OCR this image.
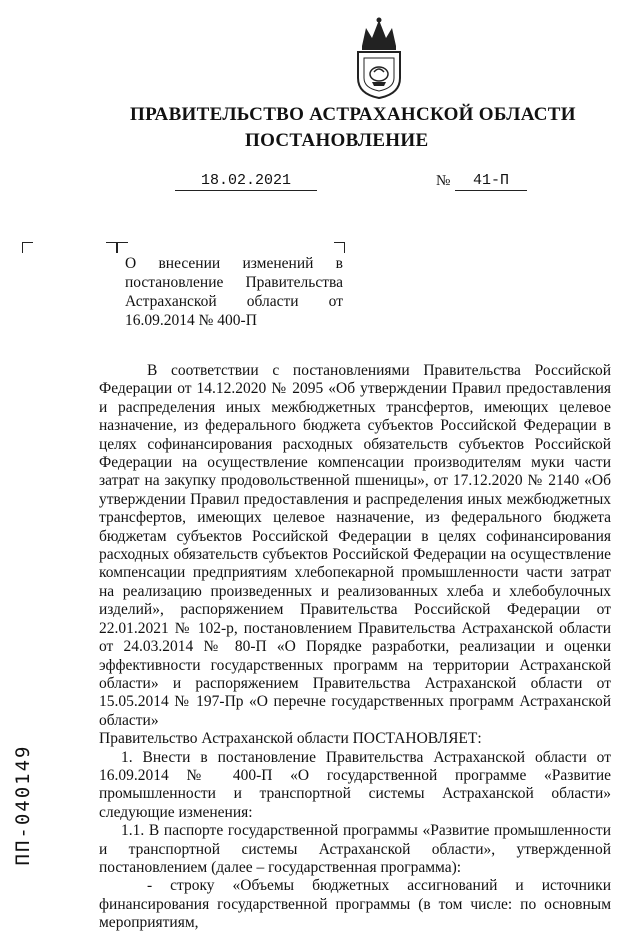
ПРАВИТЕЛЬСТВО АСТРАХАНСКОЙ ОБЛАСТИ
ПОСТАНОВЛЕНИЕ
18.02.2021	№	41-П
О внесении изменений в постановление Правительства Астраханской области от 16.09.2014 № 400-П

В соответствии с постановлениями Правительства Российской Федерации от 14.12.2020 № 2095 «Об утверждении Правил предоставления и распределения иных межбюджетных трансфертов, имеющих целевое назначение, из федерального бюджета субъектов Российской Федерации в целях софинансирования расходных обязательств субъектов Российской Федерации на осуществление компенсации производителям муки части затрат на закупку продовольственной пшеницы», от 17.12.2020 № 2140 «Об утверждении Правил предоставления и распределения иных межбюджетных трансфертов, имеющих целевое назначение, из федерального бюджета бюджетам субъектов Российской Федерации в целях софинансирования расходных обязательств субъектов Российской Федерации на осуществление компенсации предприятиям хлебопекарной промышленности части затрат на реализацию произведенных и реализованных хлеба и хлебобулочных изделий», распоряжением Правительства Российской Федерации от 22.01.2021 № 102-р, постановлением Правительства Астраханской области от 24.03.2014 № 80-П «О Порядке разработки, реализации и оценки эффективности государственных программ на территории Астраханской области» и распоряжением Правительства Астраханской области от 15.05.2014 № 197-Пр «О перечне государственных программ Астраханской области»

Правительство Астраханской области ПОСТАНОВЛЯЕТ:

1. Внести в постановление Правительства Астраханской области от 16.09.2014 № 400-П «О государственной программе «Развитие промышленности и транспортной системы Астраханской области» следующие изменения:

1.1. В паспорте государственной программы «Развитие промышленности и транспортной системы Астраханской области», утвержденной постановлением (далее – государственная программа):

- строку «Объемы бюджетных ассигнований и источники финансирования государственной программы (в том числе: по основным мероприятиям,

ПП-040149
